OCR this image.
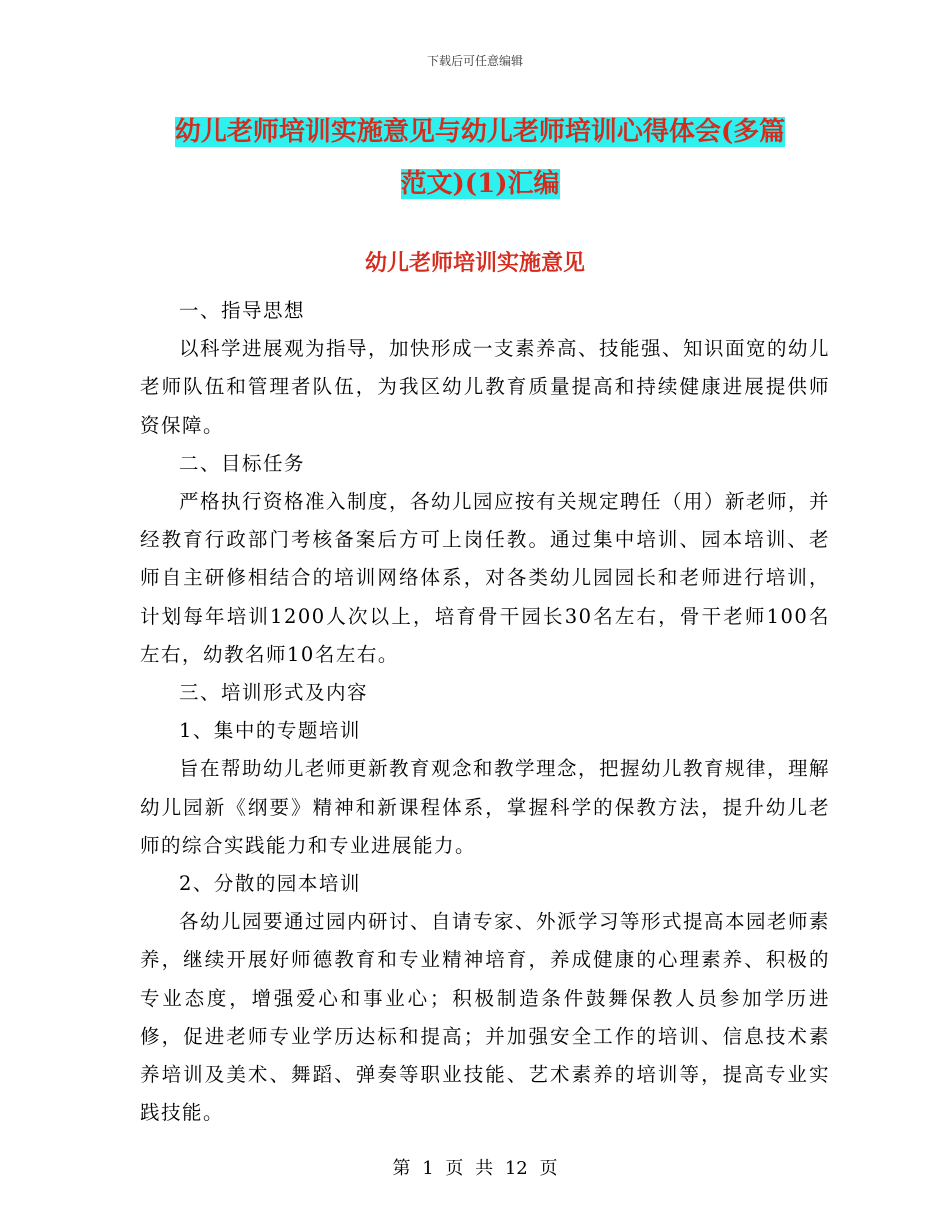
下载后可任意编辑
幼儿老师培训实施意见与幼儿老师培训心得体会(多篇
范文)(1)汇编
幼儿老师培训实施意见

一、指导思想

以科学进展观为指导，加快形成一支素养高、技能强、知识面宽的幼儿老师队伍和管理者队伍，为我区幼儿教育质量提高和持续健康进展提供师资保障。

二、目标任务

严格执行资格准入制度，各幼儿园应按有关规定聘任（用）新老师，并经教育行政部门考核备案后方可上岗任教。通过集中培训、园本培训、老师自主研修相结合的培训网络体系，对各类幼儿园园长和老师进行培训，计划每年培训1200人次以上，培育骨干园长30名左右，骨干老师100名左右，幼教名师10名左右。

三、培训形式及内容

1、集中的专题培训

旨在帮助幼儿老师更新教育观念和教学理念，把握幼儿教育规律，理解幼儿园新《纲要》精神和新课程体系，掌握科学的保教方法，提升幼儿老师的综合实践能力和专业进展能力。

2、分散的园本培训

各幼儿园要通过园内研讨、自请专家、外派学习等形式提高本园老师素养，继续开展好师德教育和专业精神培育，养成健康的心理素养、积极的专业态度，增强爱心和事业心；积极制造条件鼓舞保教人员参加学历进修，促进老师专业学历达标和提高；并加强安全工作的培训、信息技术素养培训及美术、舞蹈、弹奏等职业技能、艺术素养的培训等，提高专业实践技能。

第 1 页 共 12 页
